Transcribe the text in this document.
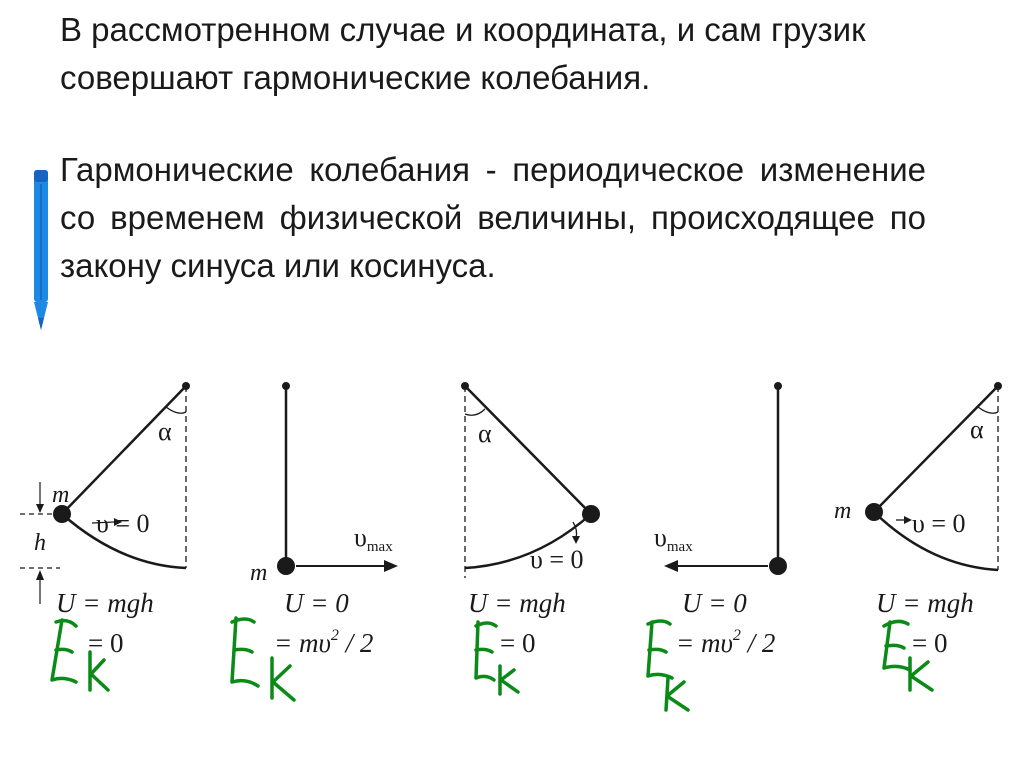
В рассмотренном случае и координата, и сам грузик совершают гармонические колебания.

Гармонические колебания - периодическое изменение со временем физической величины, происходящее по закону синуса или косинуса.

α
m
h
υ = 0
U = mgh
= 0
υmax
m
U = 0
= $m\upsilon^2 / 2$
α
υ = 0
U = mgh
= 0
υmax
U = 0
= $m\upsilon^2 / 2$
α
m υ = 0
U = mgh
= 0
